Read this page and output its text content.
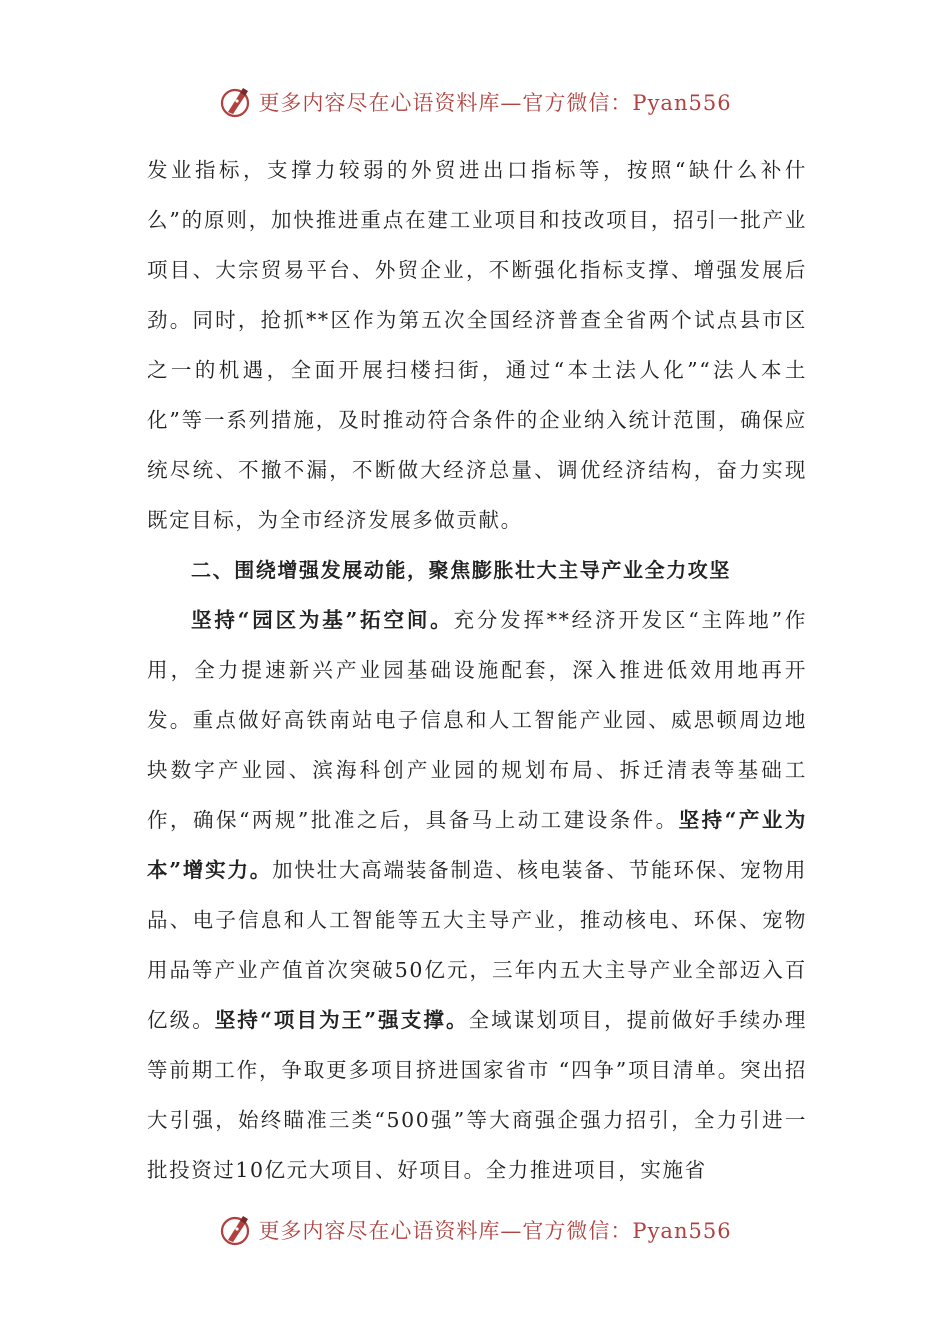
更多内容尽在心语资料库—官方微信：Pyan556

发业指标，支撑力较弱的外贸进出口指标等，按照“缺什么补什么”的原则，加快推进重点在建工业项目和技改项目，招引一批产业项目、大宗贸易平台、外贸企业，不断强化指标支撑、增强发展后劲。同时，抢抓**区作为第五次全国经济普查全省两个试点县市区之一的机遇，全面开展扫楼扫街，通过“本土法人化”“法人本土化”等一系列措施，及时推动符合条件的企业纳入统计范围，确保应统尽统、不撤不漏，不断做大经济总量、调优经济结构，奋力实现既定目标，为全市经济发展多做贡献。

二、围绕增强发展动能，聚焦膨胀壮大主导产业全力攻坚

坚持“园区为基”拓空间。充分发挥**经济开发区“主阵地”作用，全力提速新兴产业园基础设施配套，深入推进低效用地再开发。重点做好高铁南站电子信息和人工智能产业园、威思顿周边地块数字产业园、滨海科创产业园的规划布局、拆迁清表等基础工作，确保“两规”批准之后，具备马上动工建设条件。坚持“产业为本”增实力。加快壮大高端装备制造、核电装备、节能环保、宠物用品、电子信息和人工智能等五大主导产业，推动核电、环保、宠物用品等产业产值首次突破50亿元，三年内五大主导产业全部迈入百亿级。坚持“项目为王”强支撑。全域谋划项目，提前做好手续办理等前期工作，争取更多项目挤进国家省市 “四争”项目清单。突出招大引强，始终瞄准三类“500强”等大商强企强力招引，全力引进一批投资过10亿元大项目、好项目。全力推进项目，实施省

更多内容尽在心语资料库—官方微信：Pyan556
